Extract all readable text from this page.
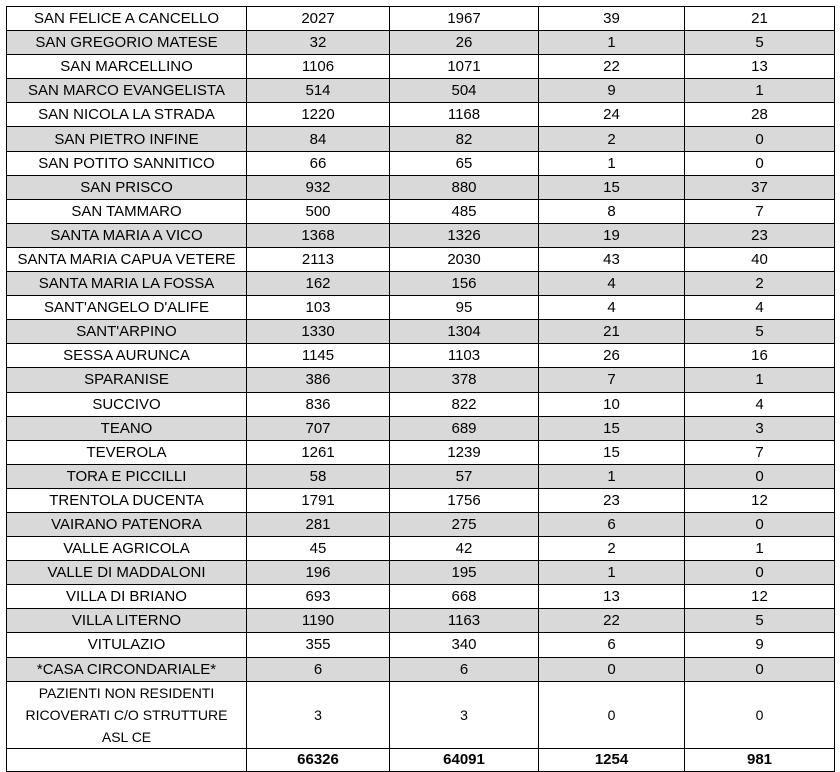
SAN FELICE A CANCELLO	2027	1967	39	21
SAN GREGORIO MATESE	32	26	1	5
SAN MARCELLINO	1106	1071	22	13
SAN MARCO EVANGELISTA	514	504	9	1
SAN NICOLA LA STRADA	1220	1168	24	28
SAN PIETRO INFINE	84	82	2	0
SAN POTITO SANNITICO	66	65	1	0
SAN PRISCO	932	880	15	37
SAN TAMMARO	500	485	8	7
SANTA MARIA A VICO	1368	1326	19	23
SANTA MARIA CAPUA VETERE	2113	2030	43	40
SANTA MARIA LA FOSSA	162	156	4	2
SANT'ANGELO D'ALIFE	103	95	4	4
SANT'ARPINO	1330	1304	21	5
SESSA AURUNCA	1145	1103	26	16
SPARANISE	386	378	7	1
SUCCIVO	836	822	10	4
TEANO	707	689	15	3
TEVEROLA	1261	1239	15	7
TORA E PICCILLI	58	57	1	0
TRENTOLA DUCENTA	1791	1756	23	12
VAIRANO PATENORA	281	275	6	0
VALLE AGRICOLA	45	42	2	1
VALLE DI MADDALONI	196	195	1	0
VILLA DI BRIANO	693	668	13	12
VILLA LITERNO	1190	1163	22	5
VITULAZIO	355	340	6	9
*CASA CIRCONDARIALE*	6	6	0	0
PAZIENTI NON RESIDENTI RICOVERATI C/O STRUTTURE ASL CE	3	3	0	0
	66326	64091	1254	981
